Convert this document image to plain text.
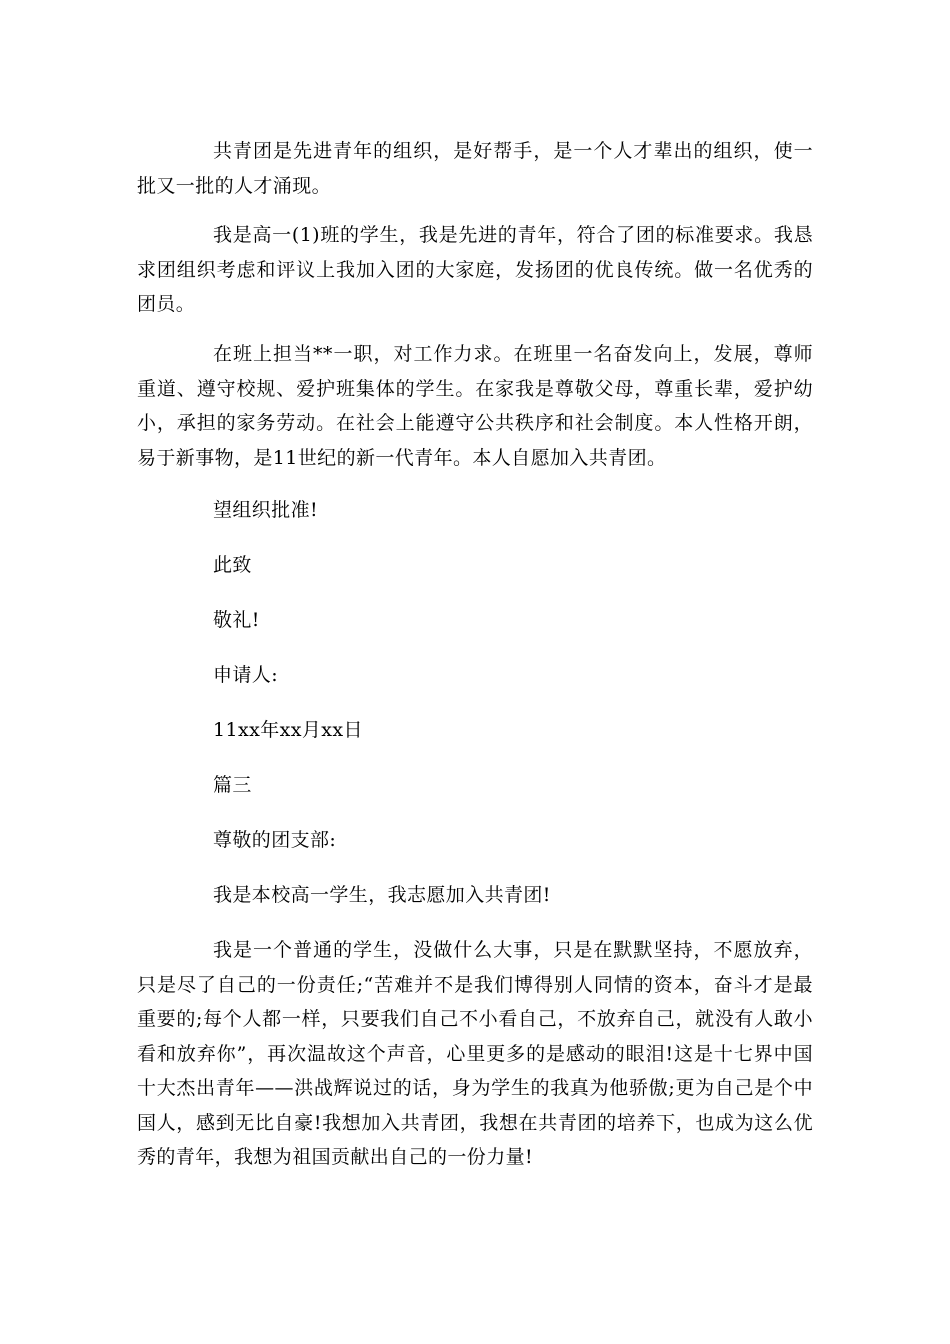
共青团是先进青年的组织，是好帮手，是一个人才辈出的组织，使一批又一批的人才涌现。

我是高一(1)班的学生，我是先进的青年，符合了团的标准要求。我恳求团组织考虑和评议上我加入团的大家庭，发扬团的优良传统。做一名优秀的团员。

在班上担当**一职，对工作力求。在班里一名奋发向上，发展，尊师重道、遵守校规、爱护班集体的学生。在家我是尊敬父母，尊重长辈，爱护幼小，承担的家务劳动。在社会上能遵守公共秩序和社会制度。本人性格开朗，易于新事物，是11世纪的新一代青年。本人自愿加入共青团。

望组织批准!

此致

敬礼!

申请人:

11xx年xx月xx日

篇三

尊敬的团支部:

我是本校高一学生，我志愿加入共青团!

我是一个普通的学生，没做什么大事，只是在默默坚持，不愿放弃，只是尽了自己的一份责任;“苦难并不是我们博得别人同情的资本，奋斗才是最重要的;每个人都一样，只要我们自己不小看自己，不放弃自己，就没有人敢小看和放弃你”，再次温故这个声音，心里更多的是感动的眼泪!这是十七界中国十大杰出青年——洪战辉说过的话，身为学生的我真为他骄傲;更为自己是个中国人，感到无比自豪!我想加入共青团，我想在共青团的培养下，也成为这么优秀的青年，我想为祖国贡献出自己的一份力量!
